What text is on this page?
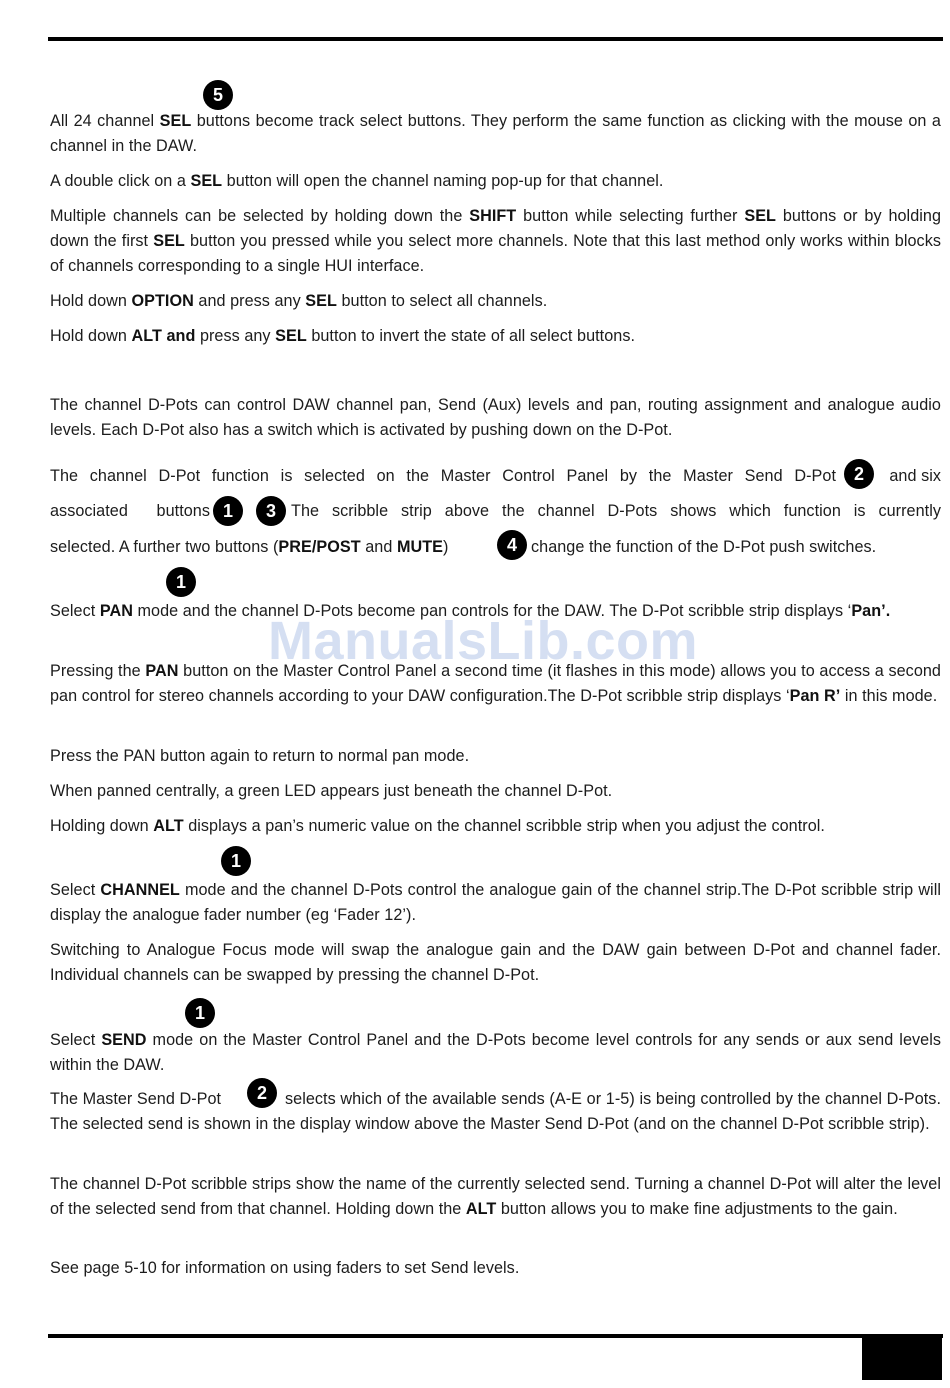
5

All 24 channel SEL buttons become track select buttons. They perform the same function as clicking with the mouse on a channel in the DAW.

A double click on a SEL button will open the channel naming pop-up for that channel.

Multiple channels can be selected by holding down the SHIFT button while selecting further SEL buttons or by holding down the first SEL button you pressed while you select more channels. Note that this last method only works within blocks of channels corresponding to a single HUI interface.

Hold down OPTION and press any SEL button to select all channels.

Hold down ALT and press any SEL button to invert the state of all select buttons.

The channel D-Pots can control DAW channel pan, Send (Aux) levels and pan, routing assignment and analogue audio levels. Each D-Pot also has a switch which is activated by pushing down on the D-Pot.

The channel D-Pot function is selected on the Master Control Panel by the Master Send D-Pot 2	and six

associated buttons 1	3 The scribble strip above the channel D-Pots shows which function is currently

selected. A further two buttons (PRE/POST and MUTE)	4 change the function of the D-Pot push switches.

1

Select PAN mode and the channel D-Pots become pan controls for the DAW. The D-Pot scribble strip displays ‘Pan’.

ManualsLib.com

Pressing the PAN button on the Master Control Panel a second time (it flashes in this mode) allows you to access a second pan control for stereo channels according to your DAW configuration.The D-Pot scribble strip displays ‘Pan R’ in this mode.

Press the PAN button again to return to normal pan mode.

When panned centrally, a green LED appears just beneath the channel D-Pot.

Holding down ALT displays a pan’s numeric value on the channel scribble strip when you adjust the control.

1

Select CHANNEL mode and the channel D-Pots control the analogue gain of the channel strip.The D-Pot scribble strip will display the analogue fader number (eg ‘Fader 12’).

Switching to Analogue Focus mode will swap the analogue gain and the DAW gain between D-Pot and channel fader. Individual channels can be swapped by pressing the channel D-Pot.

1

Select SEND mode on the Master Control Panel and the D-Pots become level controls for any sends or aux send levels within the DAW.

The Master Send D-Pot	2	selects which of the available sends (A-E or 1-5) is being controlled by the channel D-Pots. The selected send is shown in the display window above the Master Send D-Pot (and on the channel D-Pot scribble strip).

The channel D-Pot scribble strips show the name of the currently selected send. Turning a channel D-Pot will alter the level of the selected send from that channel. Holding down the ALT button allows you to make fine adjustments to the gain.

See page 5-10 for information on using faders to set Send levels.
